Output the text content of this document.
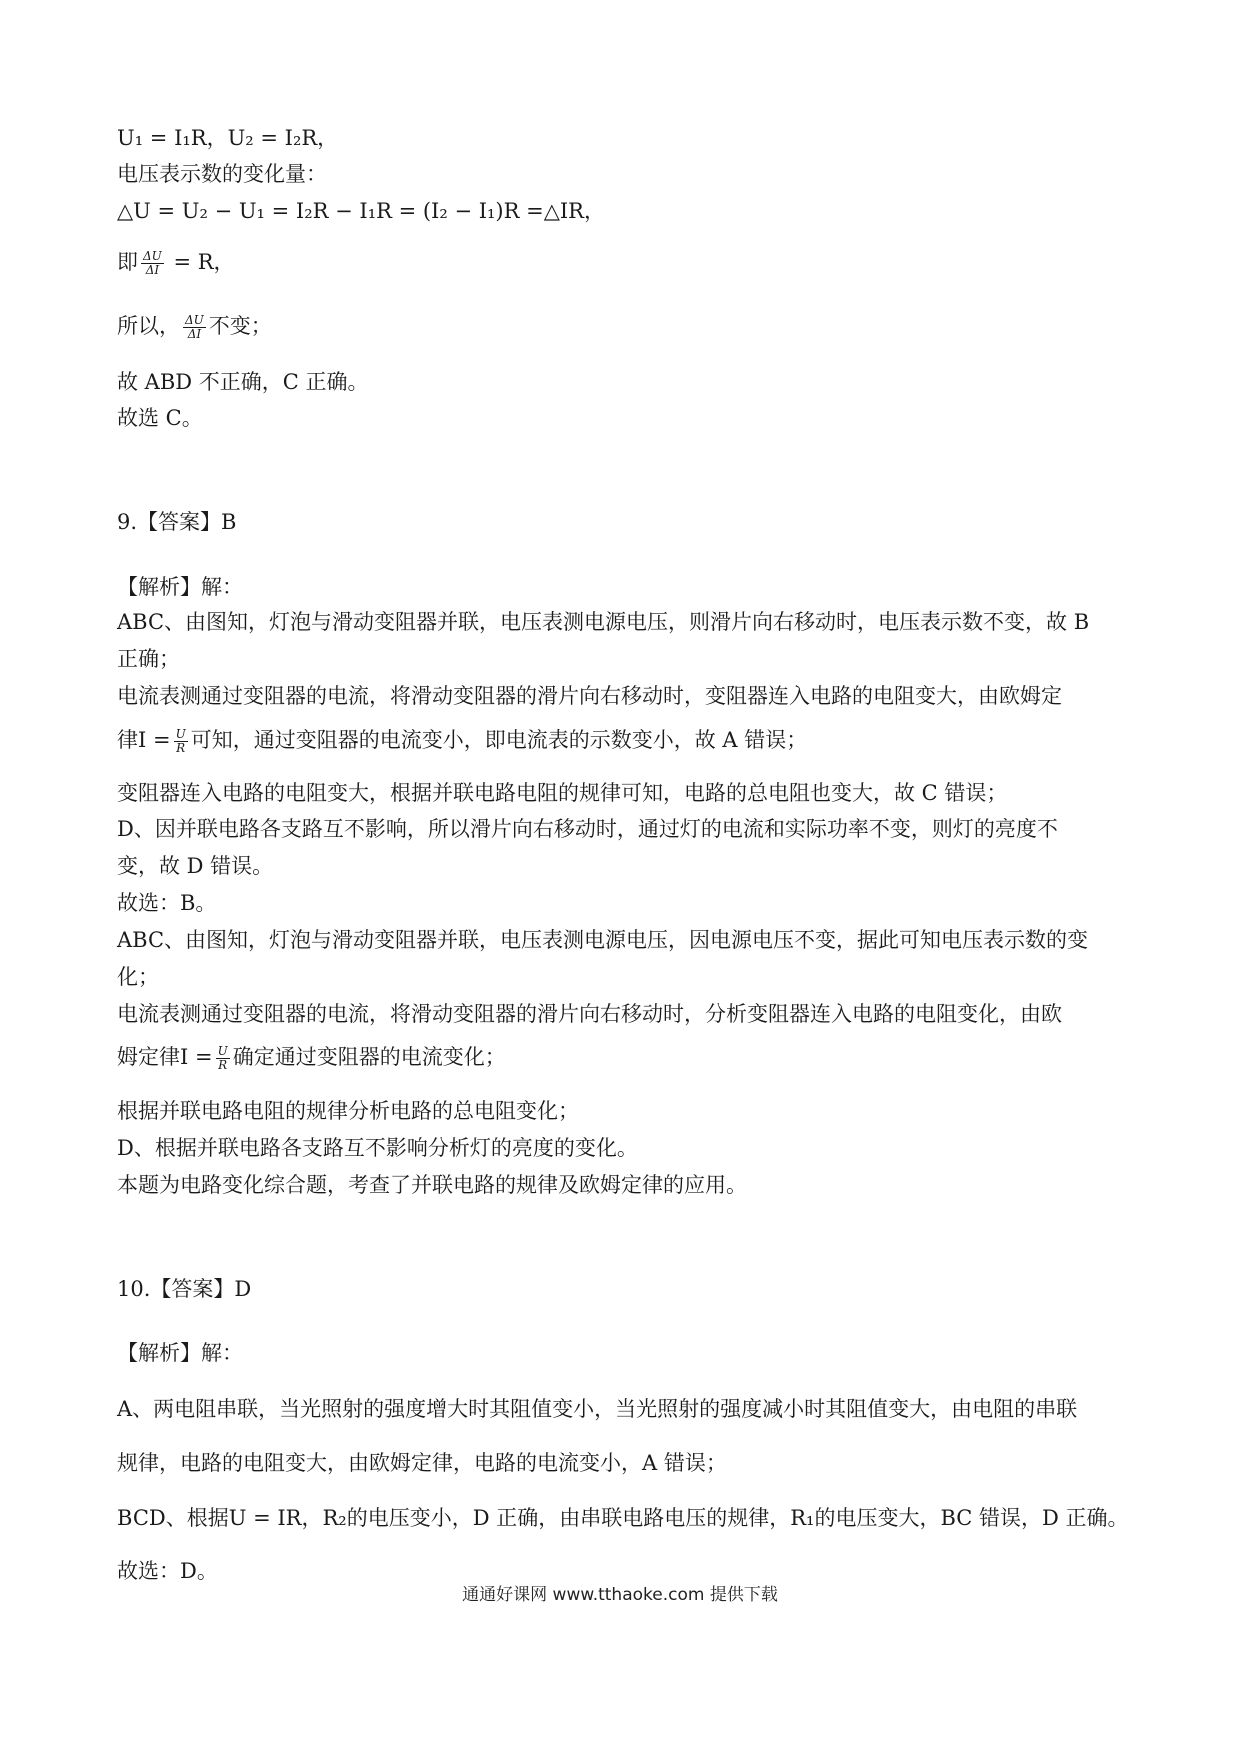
U₁ = I₁R，U₂ = I₂R，
电压表示数的变化量：
△U = U₂ − U₁ = I₂R − I₁R = (I₂ − I₁)R =△IR，
即 $\frac{\Delta U}{\Delta I} = R$，
所以， $\frac{\Delta U}{\Delta I}$ 不变；
故 ABD 不正确，C 正确。
故选 C。
9.【答案】B
【解析】解：
ABC、由图知，灯泡与滑动变阻器并联，电压表测电源电压，则滑片向右移动时，电压表示数不变，故 B
正确；
电流表测通过变阻器的电流，将滑动变阻器的滑片向右移动时，变阻器连入电路的电阻变大，由欧姆定
律$I = \frac{U}{R}$ 可知，通过变阻器的电流变小，即电流表的示数变小，故 A 错误；
变阻器连入电路的电阻变大，根据并联电路电阻的规律可知，电路的总电阻也变大，故 C 错误；
D、因并联电路各支路互不影响，所以滑片向右移动时，通过灯的电流和实际功率不变，则灯的亮度不
变，故 D 错误。
故选：B。
ABC、由图知，灯泡与滑动变阻器并联，电压表测电源电压，因电源电压不变，据此可知电压表示数的变
化；
电流表测通过变阻器的电流，将滑动变阻器的滑片向右移动时，分析变阻器连入电路的电阻变化，由欧
姆定律$I = \frac{U}{R}$ 确定通过变阻器的电流变化；
根据并联电路电阻的规律分析电路的总电阻变化；
D、根据并联电路各支路互不影响分析灯的亮度的变化。
本题为电路变化综合题，考查了并联电路的规律及欧姆定律的应用。
10.【答案】D
【解析】解：
A、两电阻串联，当光照射的强度增大时其阻值变小，当光照射的强度减小时其阻值变大，由电阻的串联
规律，电路的电阻变大，由欧姆定律，电路的电流变小，A 错误；
BCD、根据U = IR，R₂的电压变小，D 正确，由串联电路电压的规律，R₁的电压变大，BC 错误，D 正确。
故选：D。
通通好课网 www.tthaoke.com 提供下载
